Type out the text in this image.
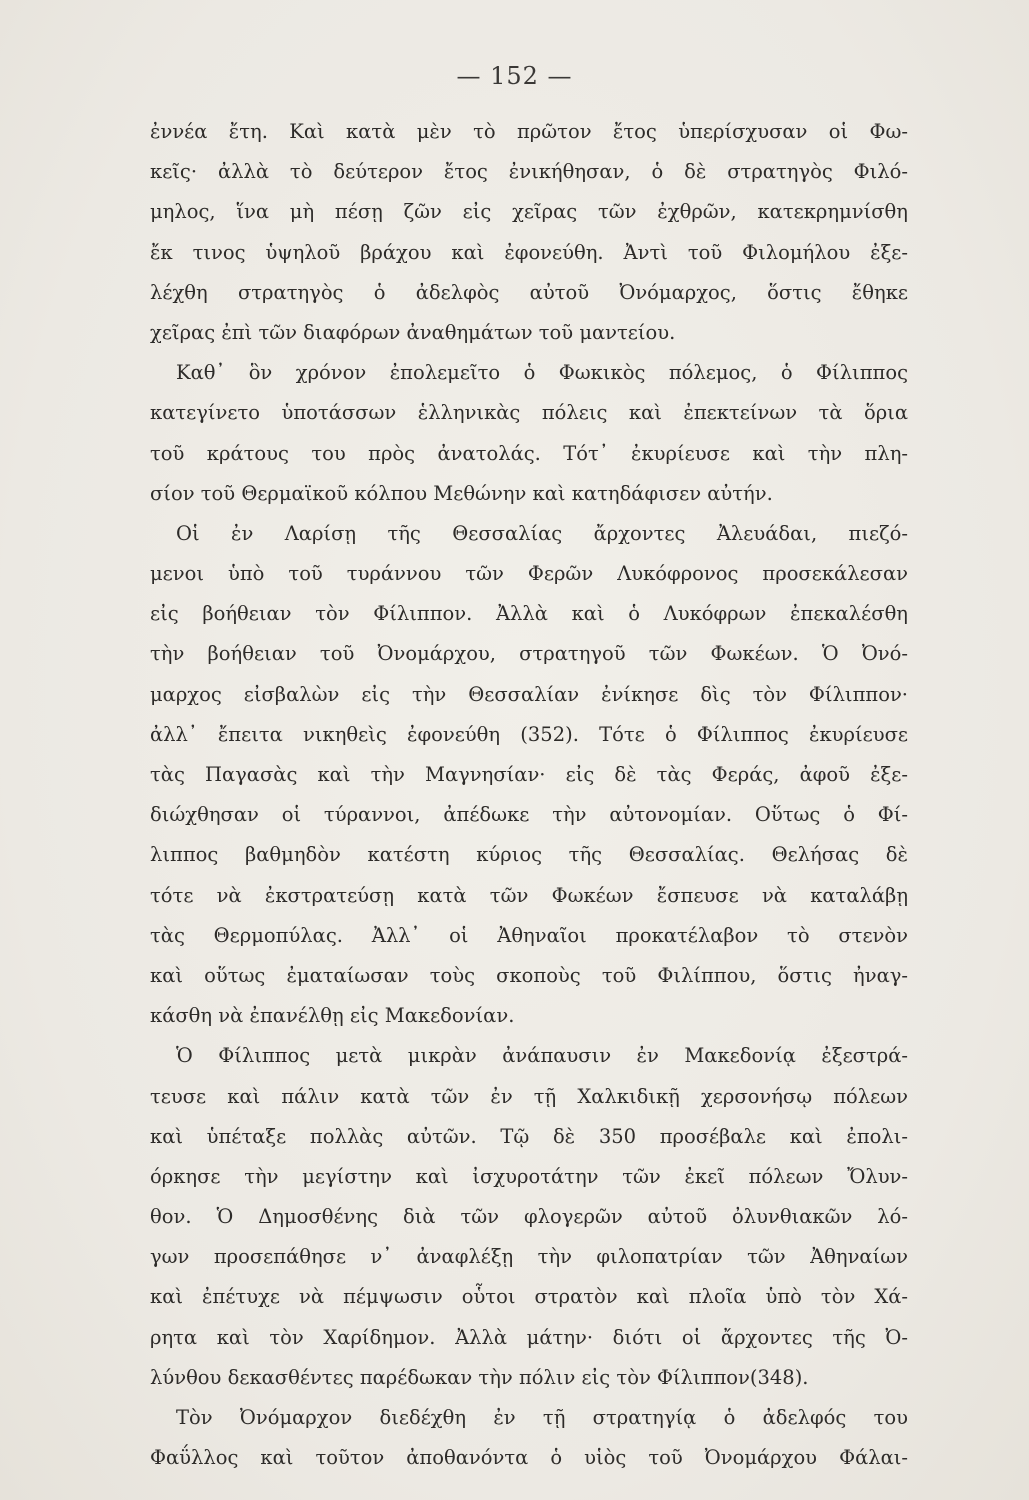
— 152 —
ἐννέα ἔτη. Καὶ κατὰ μὲν τὸ πρῶτον ἔτος ὑπερίσχυσαν οἱ Φω-
κεῖς· ἀλλὰ τὸ δεύτερον ἔτος ἐνικήθησαν, ὁ δὲ στρατηγὸς Φιλό-
μηλος, ἵνα μὴ πέσῃ ζῶν εἰς χεῖρας τῶν ἐχθρῶν, κατεκρημνίσθη
ἔκ τινος ὑψηλοῦ βράχου καὶ ἐφονεύθη. Ἀντὶ τοῦ Φιλομήλου ἐξε-
λέχθη στρατηγὸς ὁ ἀδελφὸς αὐτοῦ Ὀνόμαρχος, ὅστις ἔθηκε
χεῖρας ἐπὶ τῶν διαφόρων ἀναθημάτων τοῦ μαντείου.
Καθ᾿ ὃν χρόνον ἐπολεμεῖτο ὁ Φωκικὸς πόλεμος, ὁ Φίλιππος
κατεγίνετο ὑποτάσσων ἑλληνικὰς πόλεις καὶ ἐπεκτείνων τὰ ὅρια
τοῦ κράτους του πρὸς ἀνατολάς. Τότ᾿ ἐκυρίευσε καὶ τὴν πλη-
σίον τοῦ Θερμαϊκοῦ κόλπου Μεθώνην καὶ κατηδάφισεν αὐτήν.
Οἱ ἐν Λαρίσῃ τῆς Θεσσαλίας ἄρχοντες Ἀλευάδαι, πιεζό-
μενοι ὑπὸ τοῦ τυράννου τῶν Φερῶν Λυκόφρονος προσεκάλεσαν
εἰς βοήθειαν τὸν Φίλιππον. Ἀλλὰ καὶ ὁ Λυκόφρων ἐπεκαλέσθη
τὴν βοήθειαν τοῦ Ὀνομάρχου, στρατηγοῦ τῶν Φωκέων. Ὁ Ὀνό-
μαρχος εἰσβαλὼν εἰς τὴν Θεσσαλίαν ἐνίκησε δὶς τὸν Φίλιππον·
ἀλλ᾿ ἔπειτα νικηθεὶς ἐφονεύθη (352). Τότε ὁ Φίλιππος ἐκυρίευσε
τὰς Παγασὰς καὶ τὴν Μαγνησίαν· εἰς δὲ τὰς Φεράς, ἀφοῦ ἐξε-
διώχθησαν οἱ τύραννοι, ἀπέδωκε τὴν αὐτονομίαν. Οὕτως ὁ Φί-
λιππος βαθμηδὸν κατέστη κύριος τῆς Θεσσαλίας. Θελήσας δὲ
τότε νὰ ἐκστρατεύσῃ κατὰ τῶν Φωκέων ἔσπευσε νὰ καταλάβῃ
τὰς Θερμοπύλας. Ἀλλ᾿ οἱ Ἀθηναῖοι προκατέλαβον τὸ στενὸν
καὶ οὕτως ἐματαίωσαν τοὺς σκοποὺς τοῦ Φιλίππου, ὅστις ἠναγ-
κάσθη νὰ ἐπανέλθῃ εἰς Μακεδονίαν.
Ὁ Φίλιππος μετὰ μικρὰν ἀνάπαυσιν ἐν Μακεδονίᾳ ἐξεστρά-
τευσε καὶ πάλιν κατὰ τῶν ἐν τῇ Χαλκιδικῇ χερσονήσῳ πόλεων
καὶ ὑπέταξε πολλὰς αὐτῶν. Τῷ δὲ 350 προσέβαλε καὶ ἐπολι-
όρκησε τὴν μεγίστην καὶ ἰσχυροτάτην τῶν ἐκεῖ πόλεων Ὄλυν-
θον. Ὁ Δημοσθένης διὰ τῶν φλογερῶν αὐτοῦ ὀλυνθιακῶν λό-
γων προσεπάθησε ν᾿ ἀναφλέξῃ τὴν φιλοπατρίαν τῶν Ἀθηναίων
καὶ ἐπέτυχε νὰ πέμψωσιν οὗτοι στρατὸν καὶ πλοῖα ὑπὸ τὸν Χά-
ρητα καὶ τὸν Χαρίδημον. Ἀλλὰ μάτην· διότι οἱ ἄρχοντες τῆς Ὀ-
λύνθου δεκασθέντες παρέδωκαν τὴν πόλιν εἰς τὸν Φίλιππον(348).
Τὸν Ὀνόμαρχον διεδέχθη ἐν τῇ στρατηγίᾳ ὁ ἀδελφός του
Φαΰλλος καὶ τοῦτον ἀποθανόντα ὁ υἱὸς τοῦ Ὀνομάρχου Φάλαι-
